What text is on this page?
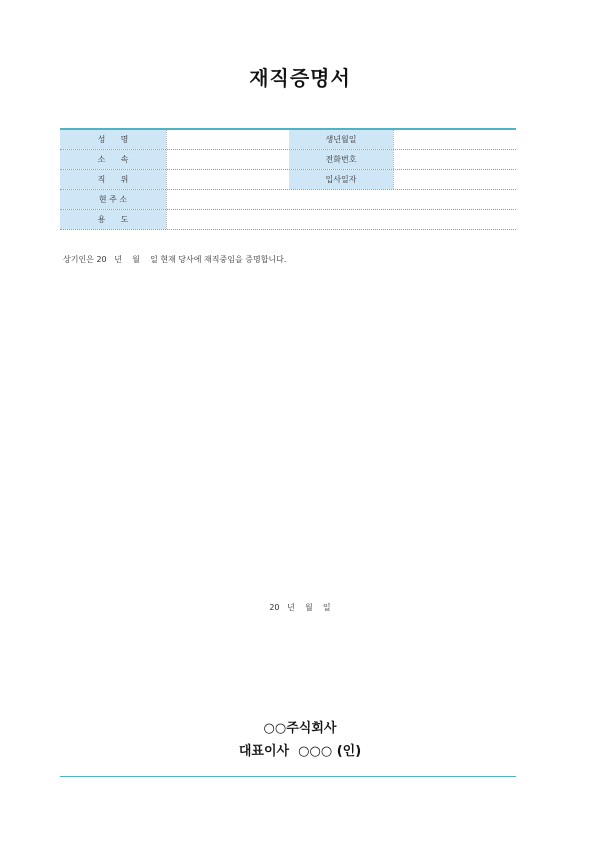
재직증명서
성      명	생년월일
소      속	전화번호
직      위	입사일자
현 주 소
용      도
상기인은 20   년    월    일 현재 당사에 재직중임을 증명합니다.
20   년    월    일
○○주식회사
대표이사  ○○○ (인)
